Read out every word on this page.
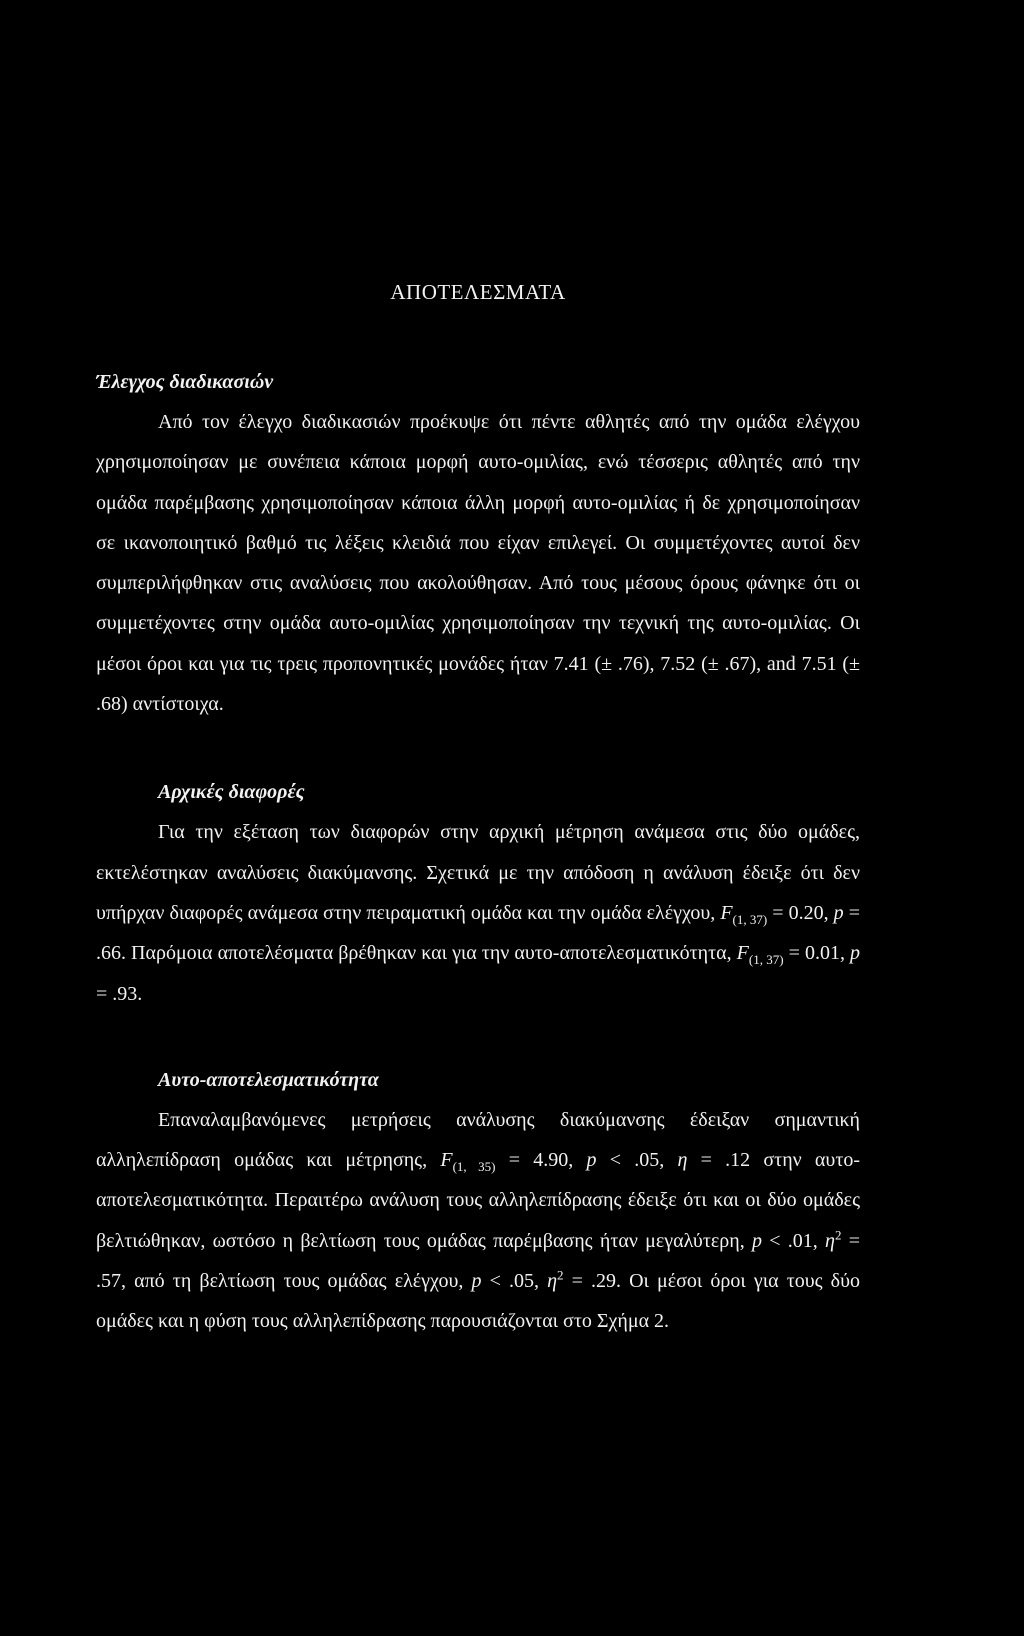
ΑΠΟΤΕΛΕΣΜΑΤΑ
Έλεγχος διαδικασιών

Από τον έλεγχο διαδικασιών προέκυψε ότι πέντε αθλητές από την ομάδα ελέγχου χρησιμοποίησαν με συνέπεια κάποια μορφή αυτο-ομιλίας, ενώ τέσσερις αθλητές από την ομάδα παρέμβασης χρησιμοποίησαν κάποια άλλη μορφή αυτο-ομιλίας ή δε χρησιμοποίησαν σε ικανοποιητικό βαθμό τις λέξεις κλειδιά που είχαν επιλεγεί. Οι συμμετέχοντες αυτοί δεν συμπεριλήφθηκαν στις αναλύσεις που ακολούθησαν. Από τους μέσους όρους φάνηκε ότι οι συμμετέχοντες στην ομάδα αυτο-ομιλίας χρησιμοποίησαν την τεχνική της αυτο-ομιλίας. Οι μέσοι όροι και για τις τρεις προπονητικές μονάδες ήταν 7.41 (± .76), 7.52 (± .67), and 7.51 (± .68) αντίστοιχα.

Αρχικές διαφορές

Για την εξέταση των διαφορών στην αρχική μέτρηση ανάμεσα στις δύο ομάδες, εκτελέστηκαν αναλύσεις διακύμανσης. Σχετικά με την απόδοση η ανάλυση έδειξε ότι δεν υπήρχαν διαφορές ανάμεσα στην πειραματική ομάδα και την ομάδα ελέγχου, $F_{(1, 37)} = 0.20$, p = .66. Παρόμοια αποτελέσματα βρέθηκαν και για την αυτο-αποτελεσματικότητα, $F_{(1, 37)} = 0.01$, p = .93.

Αυτο-αποτελεσματικότητα

Επαναλαμβανόμενες μετρήσεις ανάλυσης διακύμανσης έδειξαν σημαντική αλληλεπίδραση ομάδας και μέτρησης, $F_{(1, 35)} = 4.90$, p < .05, η = .12 στην αυτο-αποτελεσματικότητα. Περαιτέρω ανάλυση τους αλληλεπίδρασης έδειξε ότι και οι δύο ομάδες βελτιώθηκαν, ωστόσο η βελτίωση τους ομάδας παρέμβασης ήταν μεγαλύτερη, p < .01, $\eta^2 = .57$, από τη βελτίωση τους ομάδας ελέγχου, p < .05, $\eta^2 = .29$. Οι μέσοι όροι για τους δύο ομάδες και η φύση τους αλληλεπίδρασης παρουσιάζονται στο Σχήμα 2.
